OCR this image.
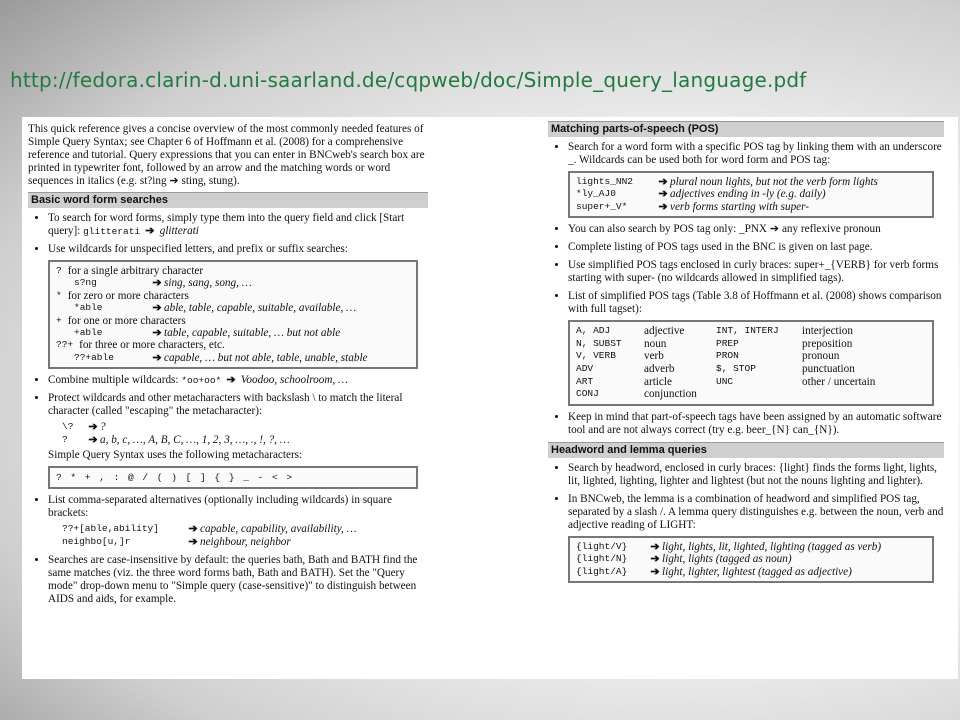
http://fedora.clarin-d.uni-saarland.de/cqpweb/doc/Simple_query_language.pdf

This quick reference gives a concise overview of the most commonly needed features of Simple Query Syntax; see Chapter 6 of Hoffmann et al. (2008) for a comprehensive reference and tutorial. Query expressions that you can enter in BNCweb's search box are printed in typewriter font, followed by an arrow and the matching words or word sequences in italics (e.g. st?ing ➔ sting, stung).

Basic word form searches
• To search for word forms, simply type them into the query field and click [Start query]: glitterati ➔ glitterati
• Use wildcards for unspecified letters, and prefix or suffix searches:
? for a single arbitrary character
s?ng	➔ sing, sang, song, …
* for zero or more characters
*able	➔ able, table, capable, suitable, available, …
+ for one or more characters
+able	➔ table, capable, suitable, … but not able
??+ for three or more characters, etc.
??+able	➔ capable, … but not able, table, unable, stable
• Combine multiple wildcards: *oo+oo* ➔ Voodoo, schoolroom, …
• Protect wildcards and other metacharacters with backslash \ to match the literal character (called "escaping" the metacharacter):
\?	➔ ?
?	➔ a, b, c, …, A, B, C, …, 1, 2, 3, …, ., !, ?, …

Simple Query Syntax uses the following metacharacters:

? * + , : @ / ( ) [ ] { } _ - < >
• List comma-separated alternatives (optionally including wildcards) in square brackets:
??+[able,ability]	➔ capable, capability, availability, …
neighbo[u,]r	➔ neighbour, neighbor
• Searches are case-insensitive by default: the queries bath, Bath and BATH find the same matches (viz. the three word forms bath, Bath and BATH). Set the "Query mode" drop-down menu to "Simple query (case-sensitive)" to distinguish between AIDS and aids, for example.
Matching parts-of-speech (POS)
• Search for a word form with a specific POS tag by linking them with an underscore _. Wildcards can be used both for word form and POS tag:
lights_NN2	➔ plural noun lights, but not the verb form lights
*ly_AJ0	➔ adjectives ending in -ly (e.g. daily)
super+_V*	➔ verb forms starting with super-
• You can also search by POS tag only: _PNX ➔ any reflexive pronoun
• Complete listing of POS tags used in the BNC is given on last page.
• Use simplified POS tags enclosed in curly braces: super+_{VERB} for verb forms starting with super- (no wildcards allowed in simplified tags).
• List of simplified POS tags (Table 3.8 of Hoffmann et al. (2008) shows comparison with full tagset):
A, ADJ	adjective	INT, INTERJ	interjection
N, SUBST	noun	PREP	preposition
V, VERB	verb	PRON	pronoun
ADV	adverb	$, STOP	punctuation
ART	article	UNC	other / uncertain
CONJ	conjunction
• Keep in mind that part-of-speech tags have been assigned by an automatic software tool and are not always correct (try e.g. beer_{N} can_{N}).
Headword and lemma queries
• Search by headword, enclosed in curly braces: {light} finds the forms light, lights, lit, lighted, lighting, lighter and lightest (but not the nouns lighting and lighter).
• In BNCweb, the lemma is a combination of headword and simplified POS tag, separated by a slash /. A lemma query distinguishes e.g. between the noun, verb and adjective reading of LIGHT:
{light/V}	➔ light, lights, lit, lighted, lighting (tagged as verb)
{light/N}	➔ light, lights (tagged as noun)
{light/A}	➔ light, lighter, lightest (tagged as adjective)
